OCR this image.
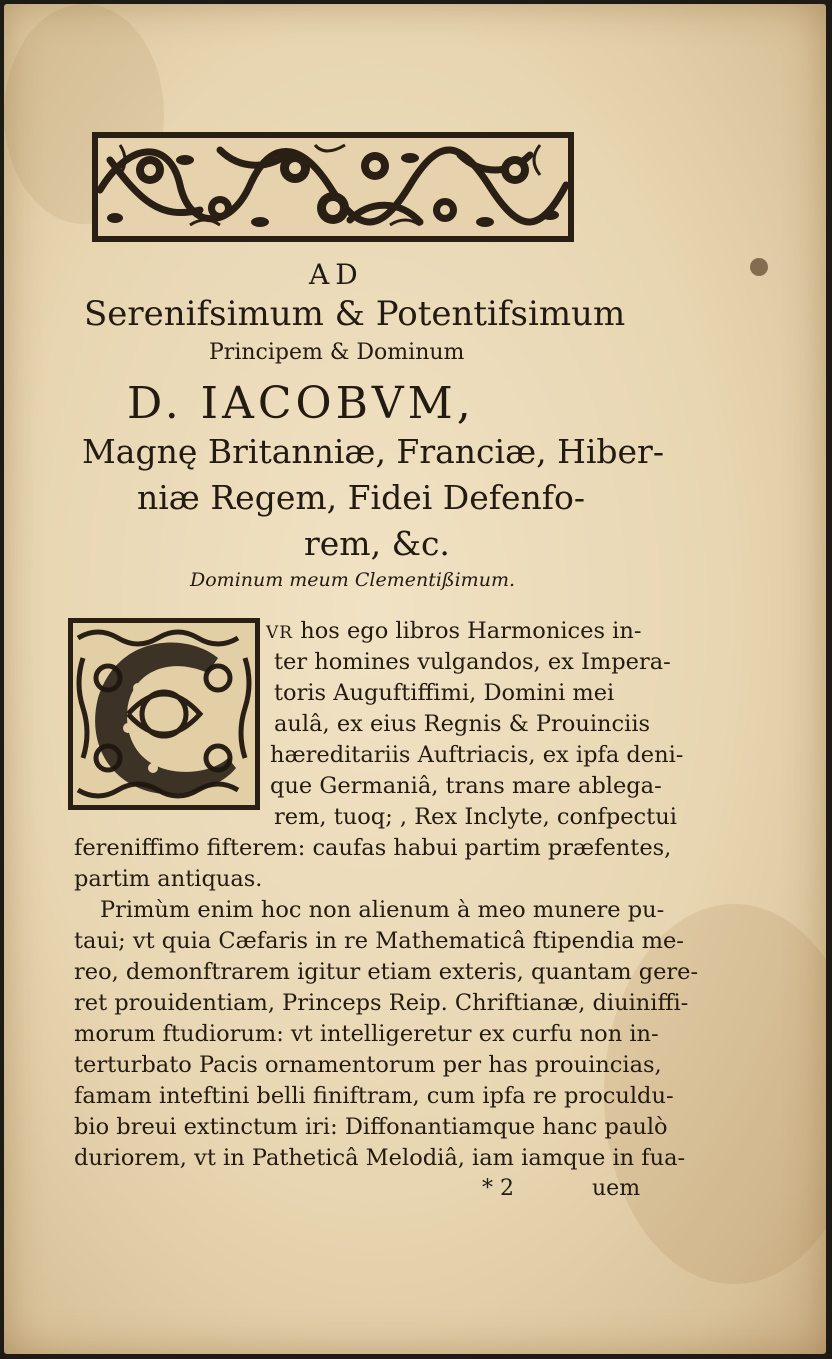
AD
Serenifsimum & Potentifsimum
Principem & Dominum
D. IACOBVM,
Magnę Britanniæ, Franciæ, Hiber-
niæ Regem, Fidei Defenfo-
rem, &c.
Dominum meum Clementißimum.
VR hos ego libros Harmonices in-
ter homines vulgandos, ex Impera-
toris Auguftiffimi, Domini mei
aulâ, ex eius Regnis & Prouinciis
hæreditariis Auftriacis, ex ipfa deni-
que Germaniâ, trans mare ablega-
rem, tuoq; , Rex Inclyte, confpectui
fereniffimo fifterem: caufas habui partim præfentes,
partim antiquas.
Primùm enim hoc non alienum à meo munere pu-
taui; vt quia Cæfaris in re Mathematicâ ftipendia me-
reo, demonftrarem igitur etiam exteris, quantam gere-
ret prouidentiam, Princeps Reip. Chriftianæ, diuiniffi-
morum ftudiorum: vt intelligeretur ex curfu non in-
terturbato Pacis ornamentorum per has prouincias,
famam inteftini belli finiftram, cum ipfa re proculdu-
bio breui extinctum iri: Diffonantiamque hanc paulò
duriorem, vt in Patheticâ Melodiâ, iam iamque in fua-
* 2	uem
